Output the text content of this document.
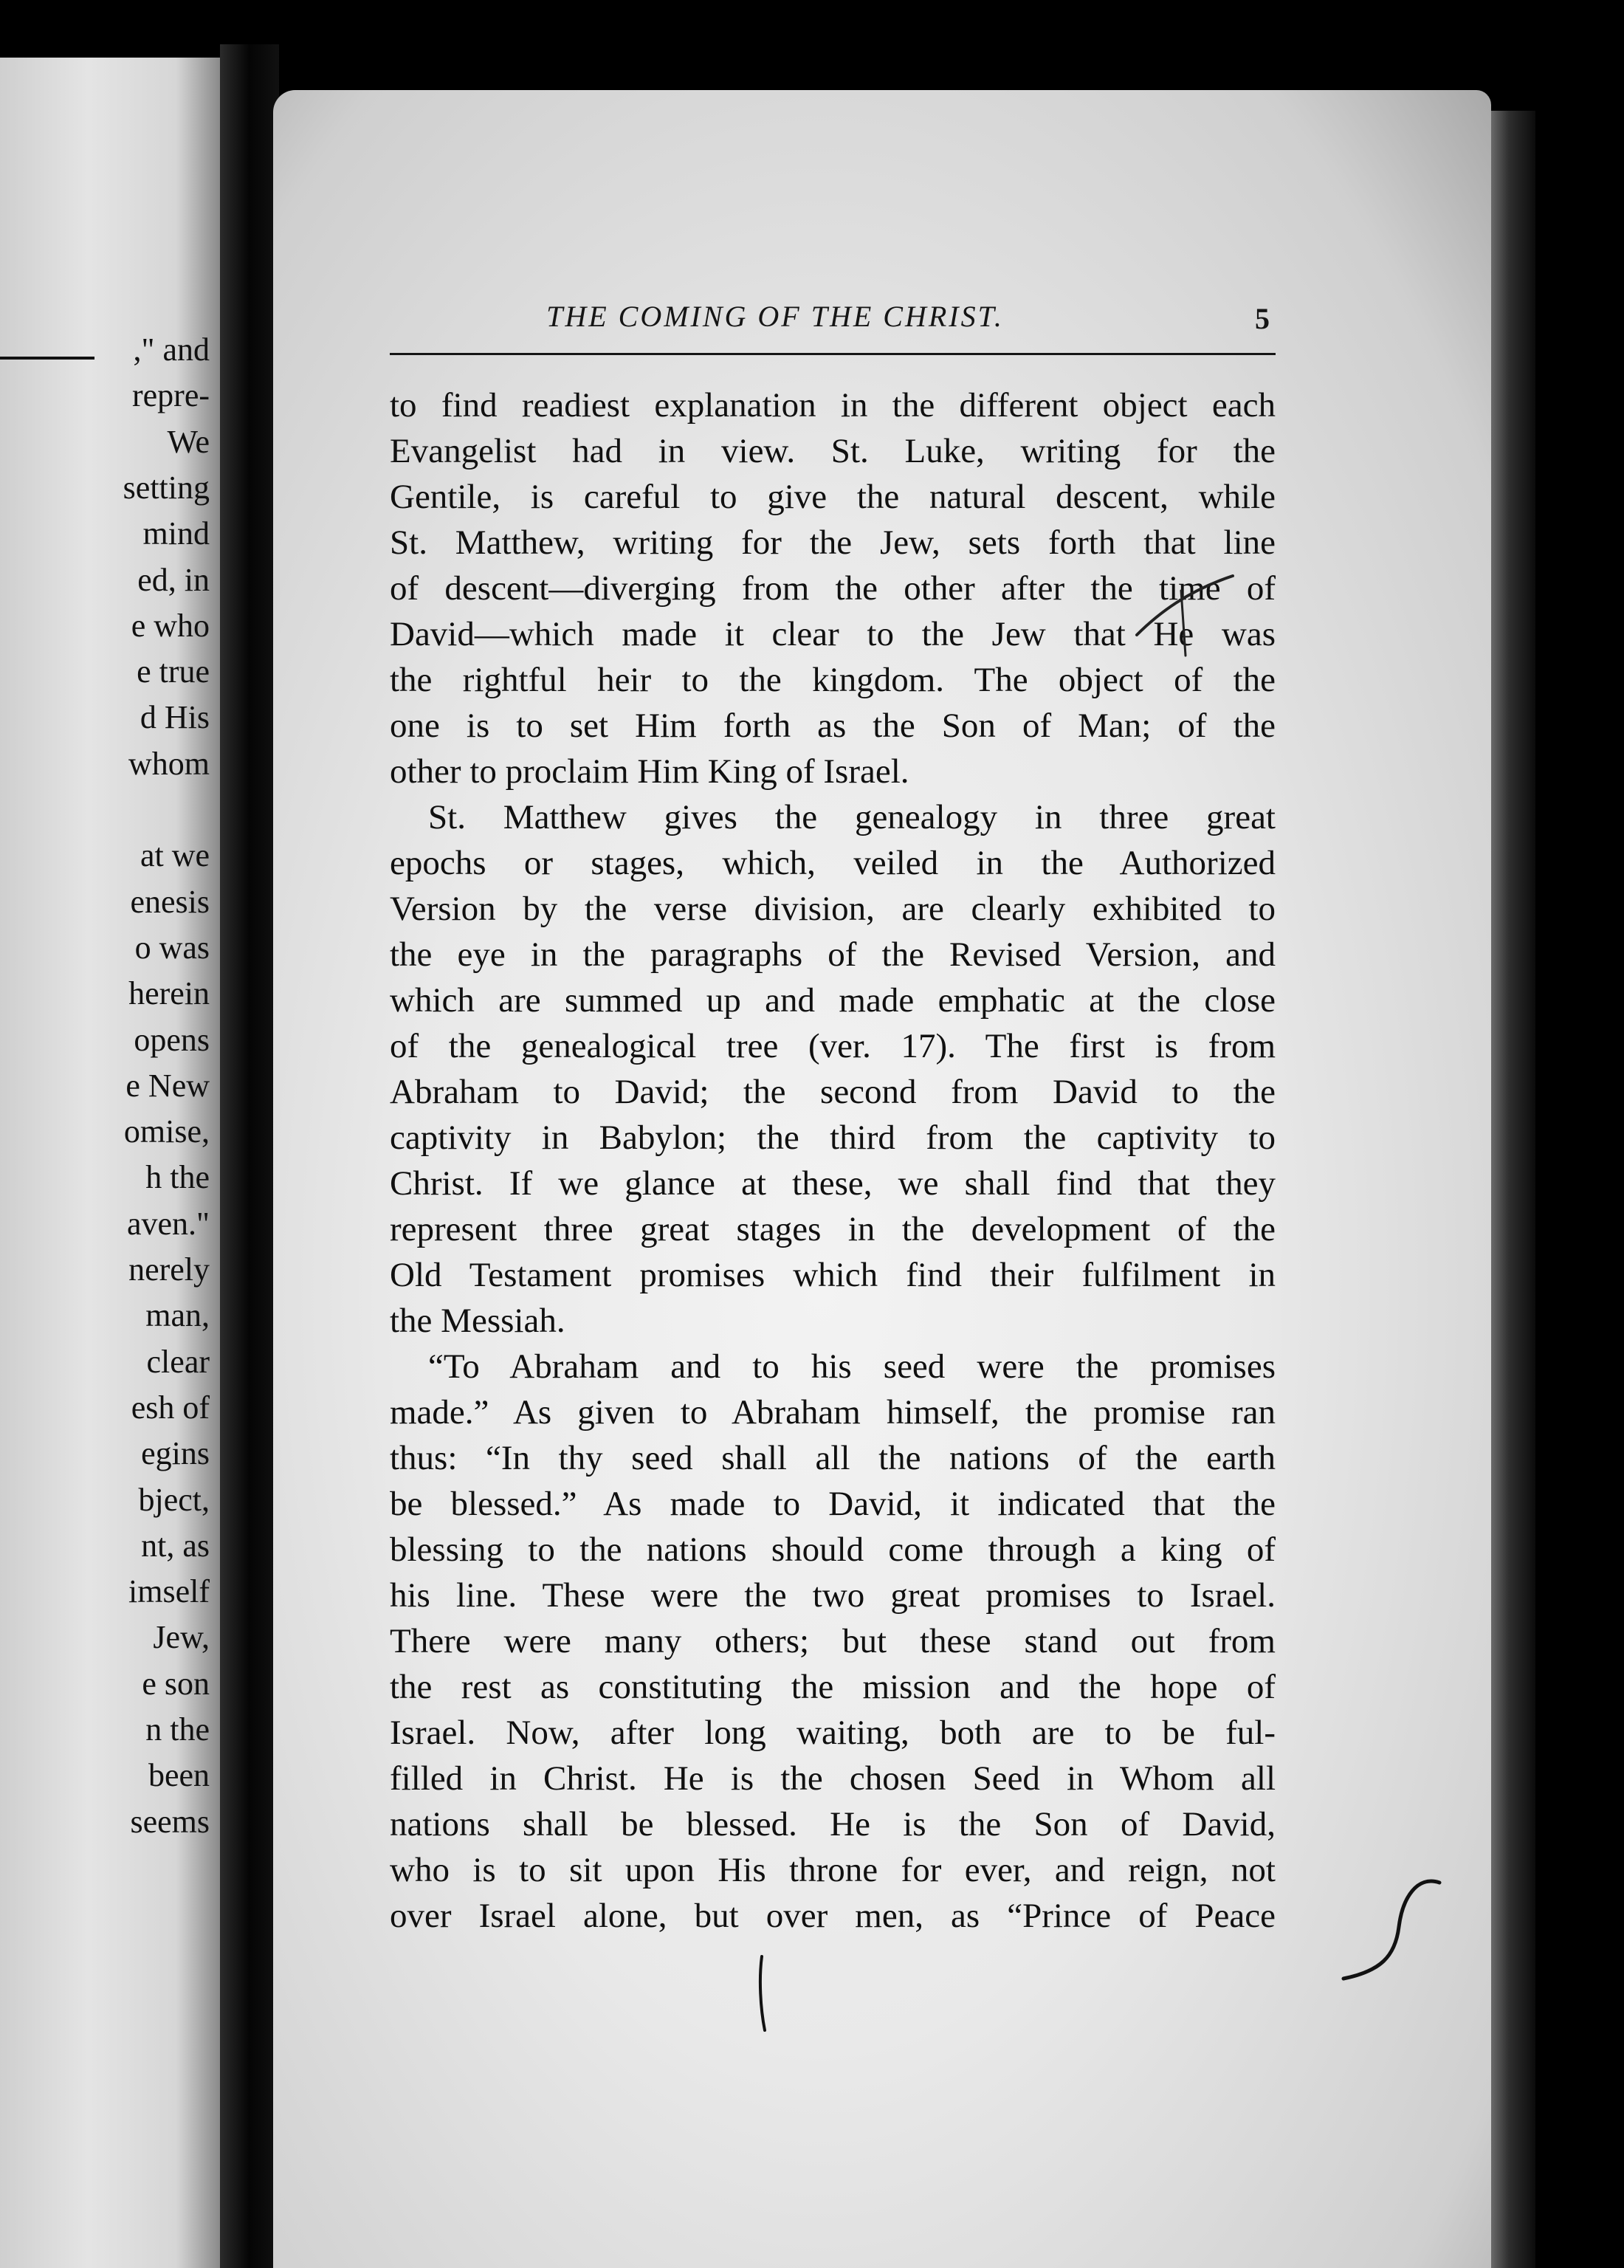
," and
repre-
We
setting
mind
ed, in
e who
e true
d His
whom
at we
enesis
o was
herein
opens
e New
omise,
h the
aven."
nerely
man,
clear
esh of
egins
bject,
nt, as
imself
Jew,
e son
n the
been
seems
THE COMING OF THE CHRIST.	5
to find readiest explanation in the different object each
Evangelist had in view. St. Luke, writing for the
Gentile, is careful to give the natural descent, while
St. Matthew, writing for the Jew, sets forth that line
of descent—diverging from the other after the time of
David—which made it clear to the Jew that He was
the rightful heir to the kingdom. The object of the
one is to set Him forth as the Son of Man; of the
other to proclaim Him King of Israel.
St. Matthew gives the genealogy in three great
epochs or stages, which, veiled in the Authorized
Version by the verse division, are clearly exhibited to
the eye in the paragraphs of the Revised Version, and
which are summed up and made emphatic at the close
of the genealogical tree (ver. 17). The first is from
Abraham to David; the second from David to the
captivity in Babylon; the third from the captivity to
Christ. If we glance at these, we shall find that they
represent three great stages in the development of the
Old Testament promises which find their fulfilment in
the Messiah.
“To Abraham and to his seed were the promises
made.” As given to Abraham himself, the promise ran
thus: “In thy seed shall all the nations of the earth
be blessed.” As made to David, it indicated that the
blessing to the nations should come through a king of
his line. These were the two great promises to Israel.
There were many others; but these stand out from
the rest as constituting the mission and the hope of
Israel. Now, after long waiting, both are to be ful-
filled in Christ. He is the chosen Seed in Whom all
nations shall be blessed. He is the Son of David,
who is to sit upon His throne for ever, and reign, not
over Israel alone, but over men, as “Prince of Peace
